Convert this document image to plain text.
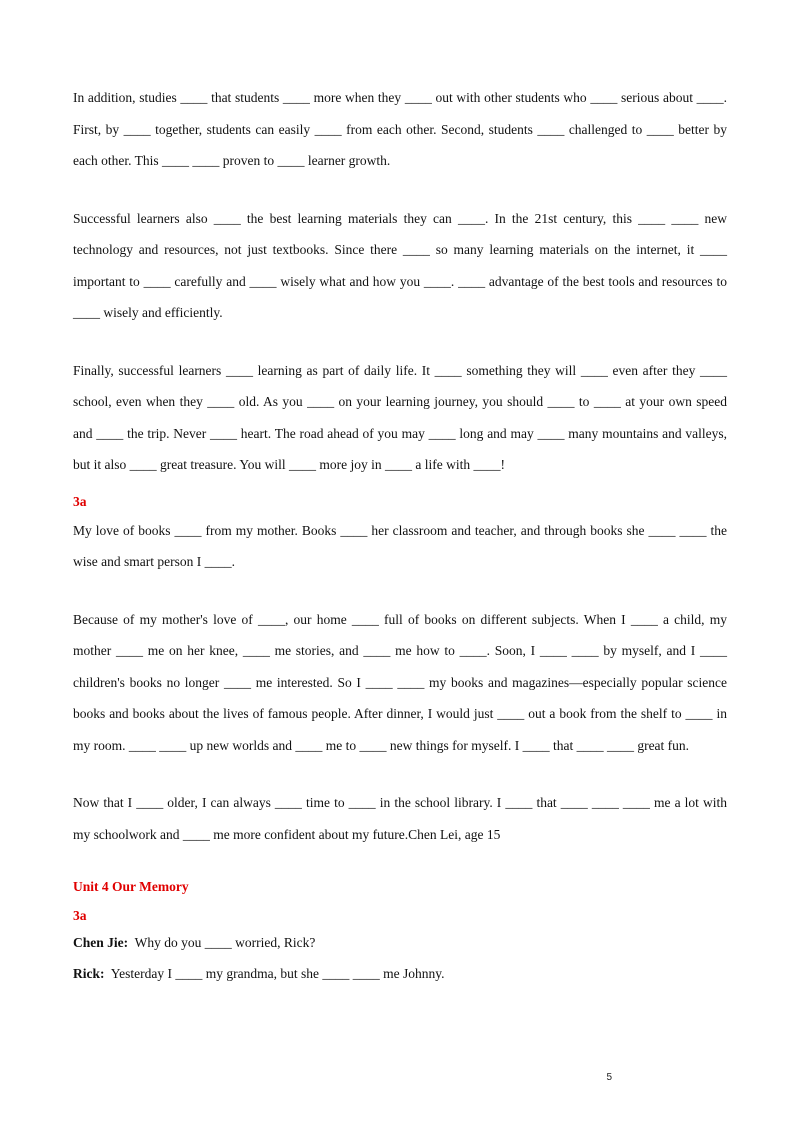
In addition, studies ____ that students ____ more when they ____ out with other students who ____ serious about ____. First, by ____ together, students can easily ____ from each other. Second, students ____ challenged to ____ better by each other. This ____ ____ proven to ____ learner growth.

Successful learners also ____ the best learning materials they can ____. In the 21st century, this ____ ____ new technology and resources, not just textbooks. Since there ____ so many learning materials on the internet, it ____ important to ____ carefully and ____ wisely what and how you ____. ____ advantage of the best tools and resources to ____ wisely and efficiently.

Finally, successful learners ____ learning as part of daily life. It ____ something they will ____ even after they ____ school, even when they ____ old. As you ____ on your learning journey, you should ____ to ____ at your own speed and ____ the trip. Never ____ heart. The road ahead of you may ____ long and may ____ many mountains and valleys, but it also ____ great treasure. You will ____ more joy in ____ a life with ____!

3a

My love of books ____ from my mother. Books ____ her classroom and teacher, and through books she ____ ____ the wise and smart person I ____.

Because of my mother's love of ____, our home ____ full of books on different subjects. When I ____ a child, my mother ____ me on her knee, ____ me stories, and ____ me how to ____. Soon, I ____ ____ by myself, and I ____ children's books no longer ____ me interested. So I ____ ____ my books and magazines—especially popular science books and books about the lives of famous people. After dinner, I would just ____ out a book from the shelf to ____ in my room. ____ ____ up new worlds and ____ me to ____ new things for myself. I ____ that ____ ____ great fun.

Now that I ____ older, I can always ____ time to ____ in the school library. I ____ that ____ ____ ____ me a lot with my schoolwork and ____ me more confident about my future.Chen Lei, age 15

Unit 4 Our Memory

3a

Chen Jie: Why do you ____ worried, Rick?

Rick: Yesterday I ____ my grandma, but she ____ ____ me Johnny.

5
